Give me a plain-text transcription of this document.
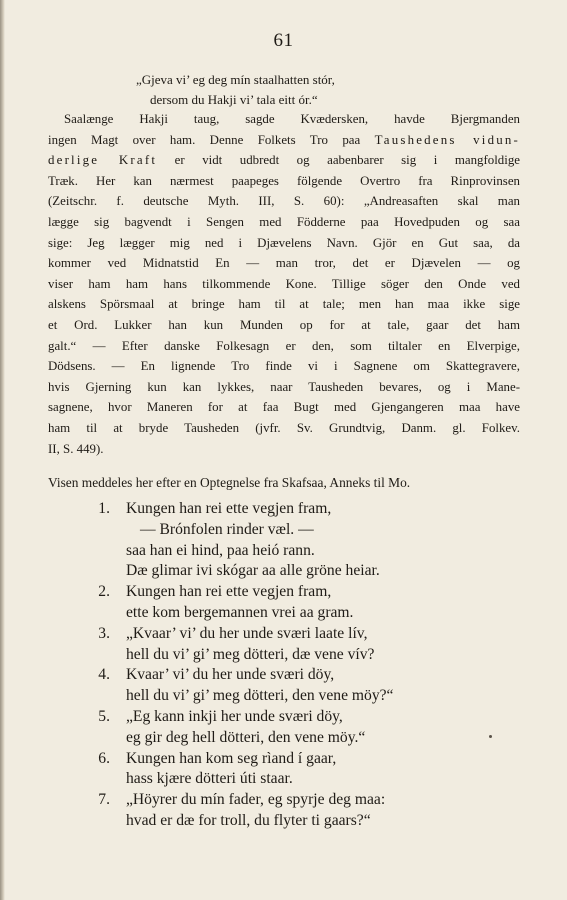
61
„Gjeva vi’ eg deg mín staalhatten stór,
dersom du Hakji vi’ tala eitt ór.“
Saalænge Hakji taug, sagde Kvædersken, havde Bjergmanden
ingen Magt over ham. Denne Folkets Tro paa Taushedens vidun-
derlige Kraft er vidt udbredt og aabenbarer sig i mangfoldige
Træk. Her kan nærmest paapeges fölgende Overtro fra Rinprovinsen
(Zeitschr. f. deutsche Myth. III, S. 60): „Andreasaften skal man
lægge sig bagvendt i Sengen med Födderne paa Hovedpuden og saa
sige: Jeg lægger mig ned i Djævelens Navn. Gjör en Gut saa, da
kommer ved Midnatstid En — man tror, det er Djævelen — og
viser ham ham hans tilkommende Kone. Tillige söger den Onde ved
alskens Spörsmaal at bringe ham til at tale; men han maa ikke sige
et Ord. Lukker han kun Munden op for at tale, gaar det ham
galt.“ — Efter danske Folkesagn er den, som tiltaler en Elverpige,
Dödsens. — En lignende Tro finde vi i Sagnene om Skattegravere,
hvis Gjerning kun kan lykkes, naar Tausheden bevares, og i Mane-
sagnene, hvor Maneren for at faa Bugt med Gjengangeren maa have
ham til at bryde Tausheden (jvfr. Sv. Grundtvig, Danm. gl. Folkev.
II, S. 449).
Visen meddeles her efter en Optegnelse fra Skafsaa, Anneks til Mo.
1. Kungen han rei ette vegjen fram,
— Brónfolen rinder væl. —
saa han ei hind, paa heió rann.
Dæ glimar ivi skógar aa alle gröne heiar.
2. Kungen han rei ette vegjen fram,
ette kom bergemannen vrei aa gram.
3. „Kvaar’ vi’ du her unde sværi laate lív,
hell du vi’ gi’ meg dötteri, dæ vene vív?
4. Kvaar’ vi’ du her unde sværi döy,
hell du vi’ gi’ meg dötteri, den vene möy?“
5. „Eg kann inkji her unde sværi döy,
eg gir deg hell dötteri, den vene möy.“
6. Kungen han kom seg rìand í gaar,
hass kjære dötteri úti staar.
7. „Höyrer du mín fader, eg spyrje deg maa:
hvad er dæ for troll, du flyter ti gaars?“
